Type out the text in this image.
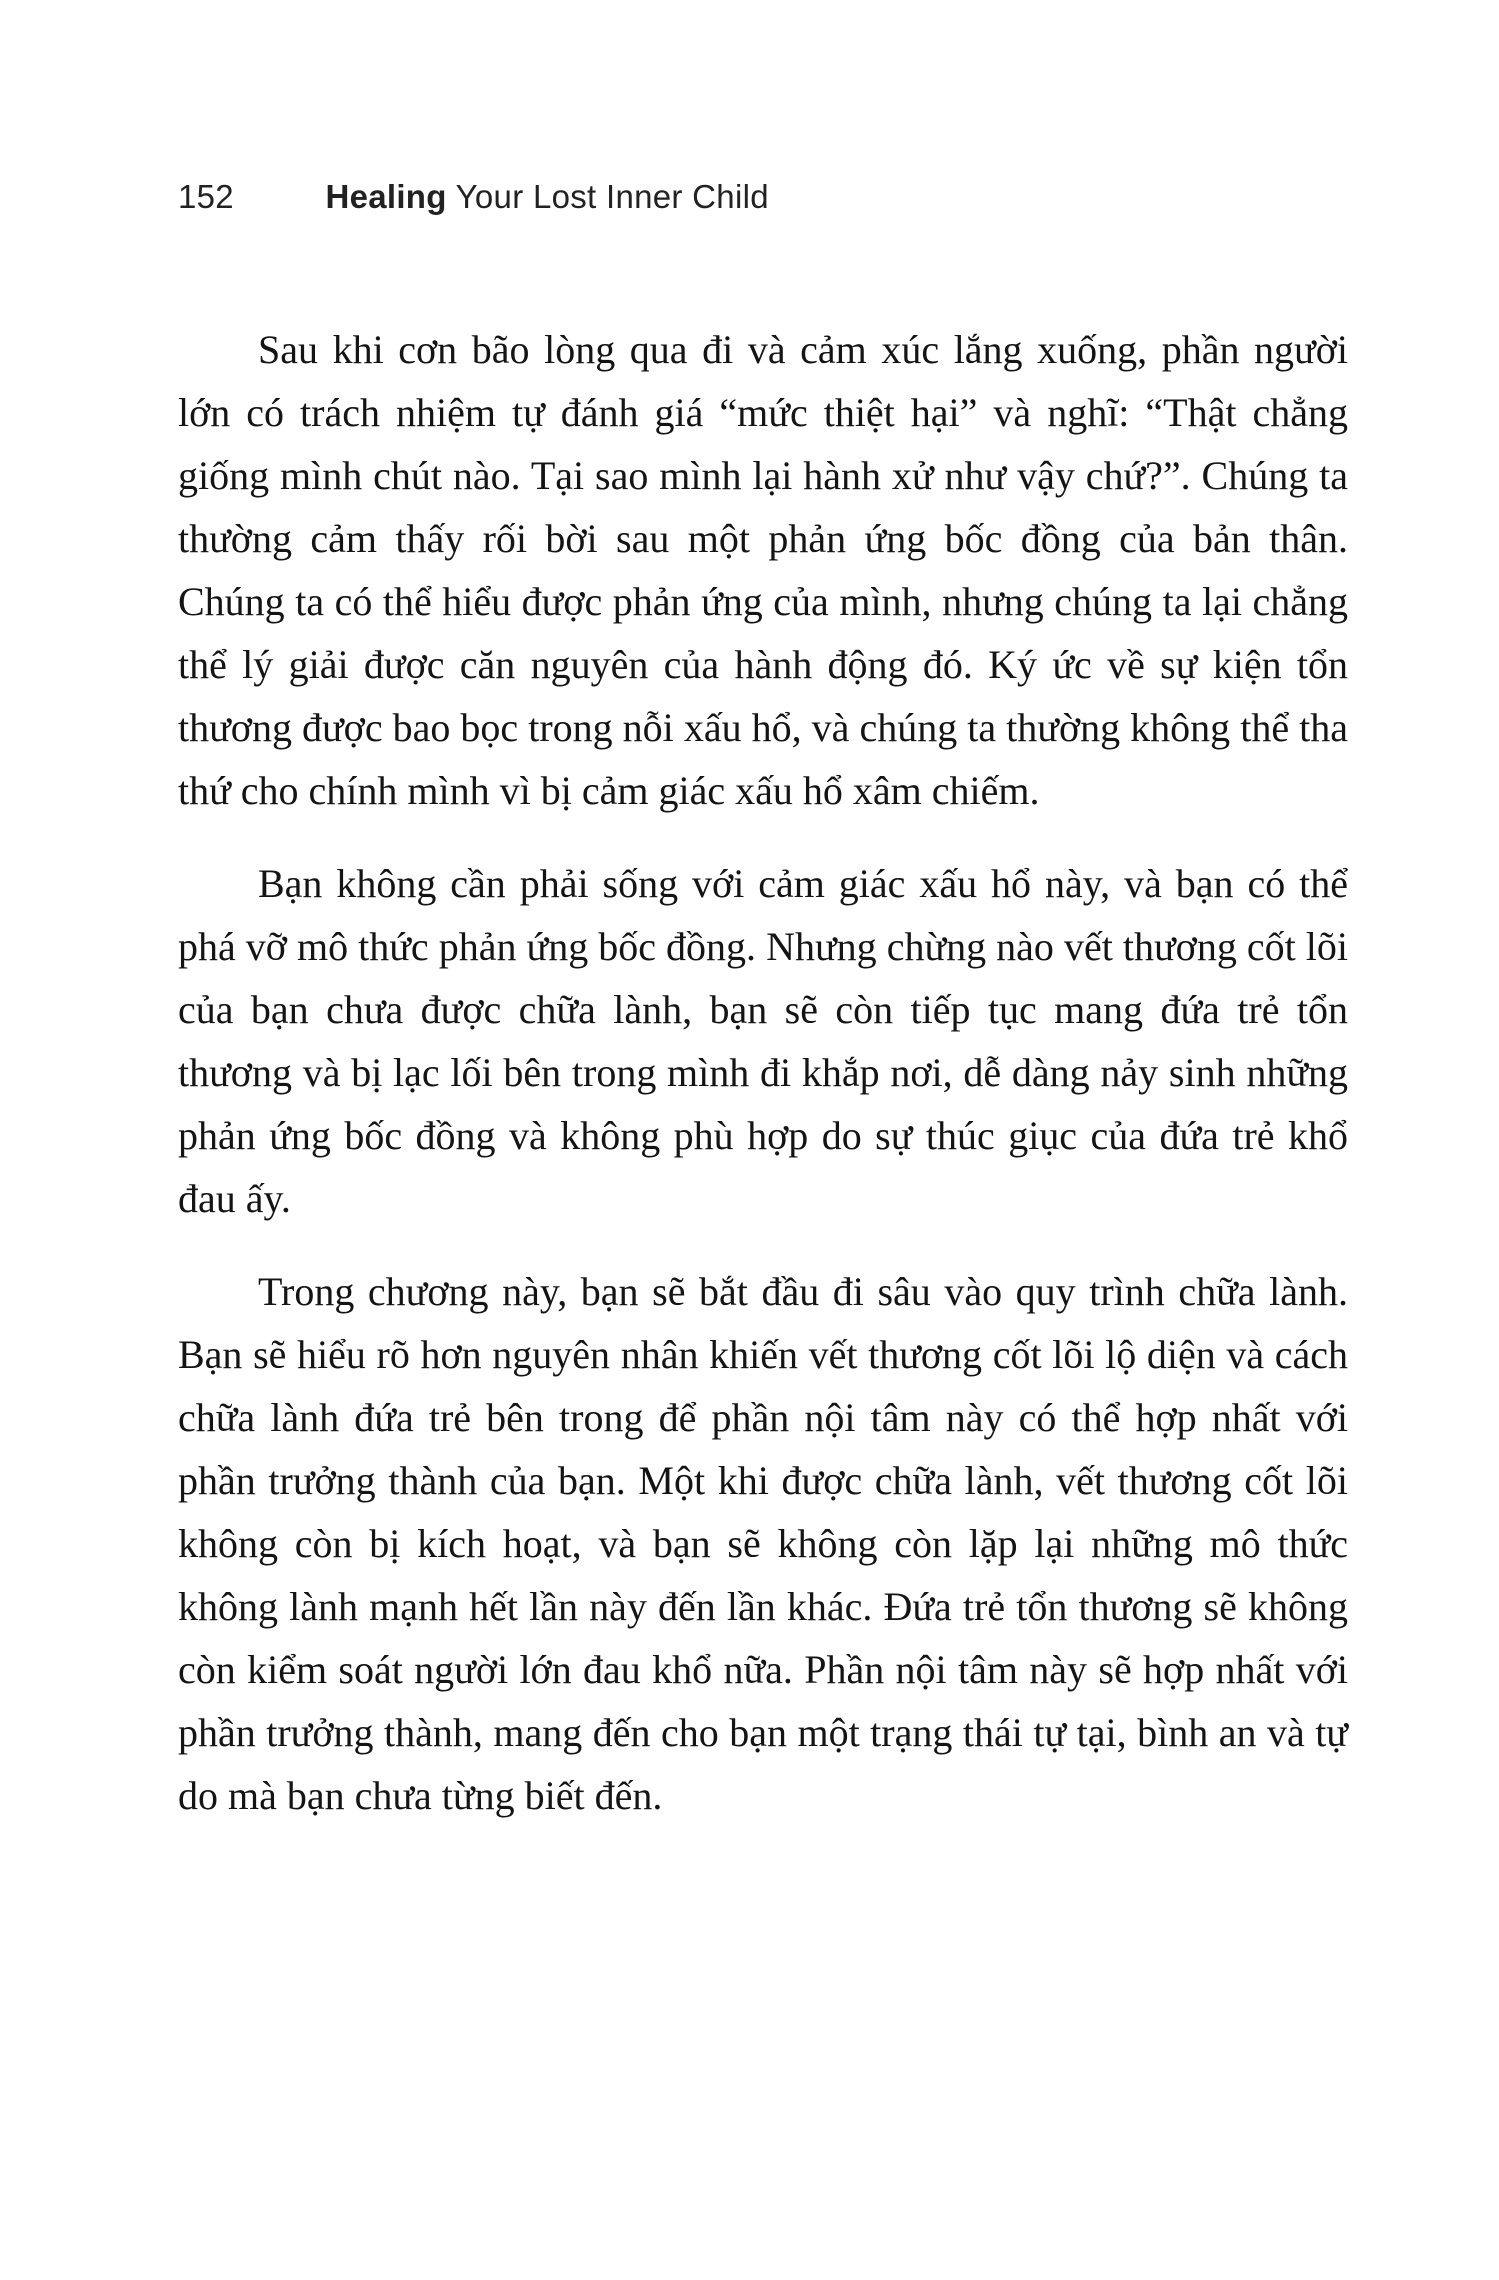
152	Healing Your Lost Inner Child

Sau khi cơn bão lòng qua đi và cảm xúc lắng xuống, phần người lớn có trách nhiệm tự đánh giá “mức thiệt hại” và nghĩ: “Thật chẳng giống mình chút nào. Tại sao mình lại hành xử như vậy chứ?”. Chúng ta thường cảm thấy rối bời sau một phản ứng bốc đồng của bản thân. Chúng ta có thể hiểu được phản ứng của mình, nhưng chúng ta lại chẳng thể lý giải được căn nguyên của hành động đó. Ký ức về sự kiện tổn thương được bao bọc trong nỗi xấu hổ, và chúng ta thường không thể tha thứ cho chính mình vì bị cảm giác xấu hổ xâm chiếm.

Bạn không cần phải sống với cảm giác xấu hổ này, và bạn có thể phá vỡ mô thức phản ứng bốc đồng. Nhưng chừng nào vết thương cốt lõi của bạn chưa được chữa lành, bạn sẽ còn tiếp tục mang đứa trẻ tổn thương và bị lạc lối bên trong mình đi khắp nơi, dễ dàng nảy sinh những phản ứng bốc đồng và không phù hợp do sự thúc giục của đứa trẻ khổ đau ấy.

Trong chương này, bạn sẽ bắt đầu đi sâu vào quy trình chữa lành. Bạn sẽ hiểu rõ hơn nguyên nhân khiến vết thương cốt lõi lộ diện và cách chữa lành đứa trẻ bên trong để phần nội tâm này có thể hợp nhất với phần trưởng thành của bạn. Một khi được chữa lành, vết thương cốt lõi không còn bị kích hoạt, và bạn sẽ không còn lặp lại những mô thức không lành mạnh hết lần này đến lần khác. Đứa trẻ tổn thương sẽ không còn kiểm soát người lớn đau khổ nữa. Phần nội tâm này sẽ hợp nhất với phần trưởng thành, mang đến cho bạn một trạng thái tự tại, bình an và tự do mà bạn chưa từng biết đến.
